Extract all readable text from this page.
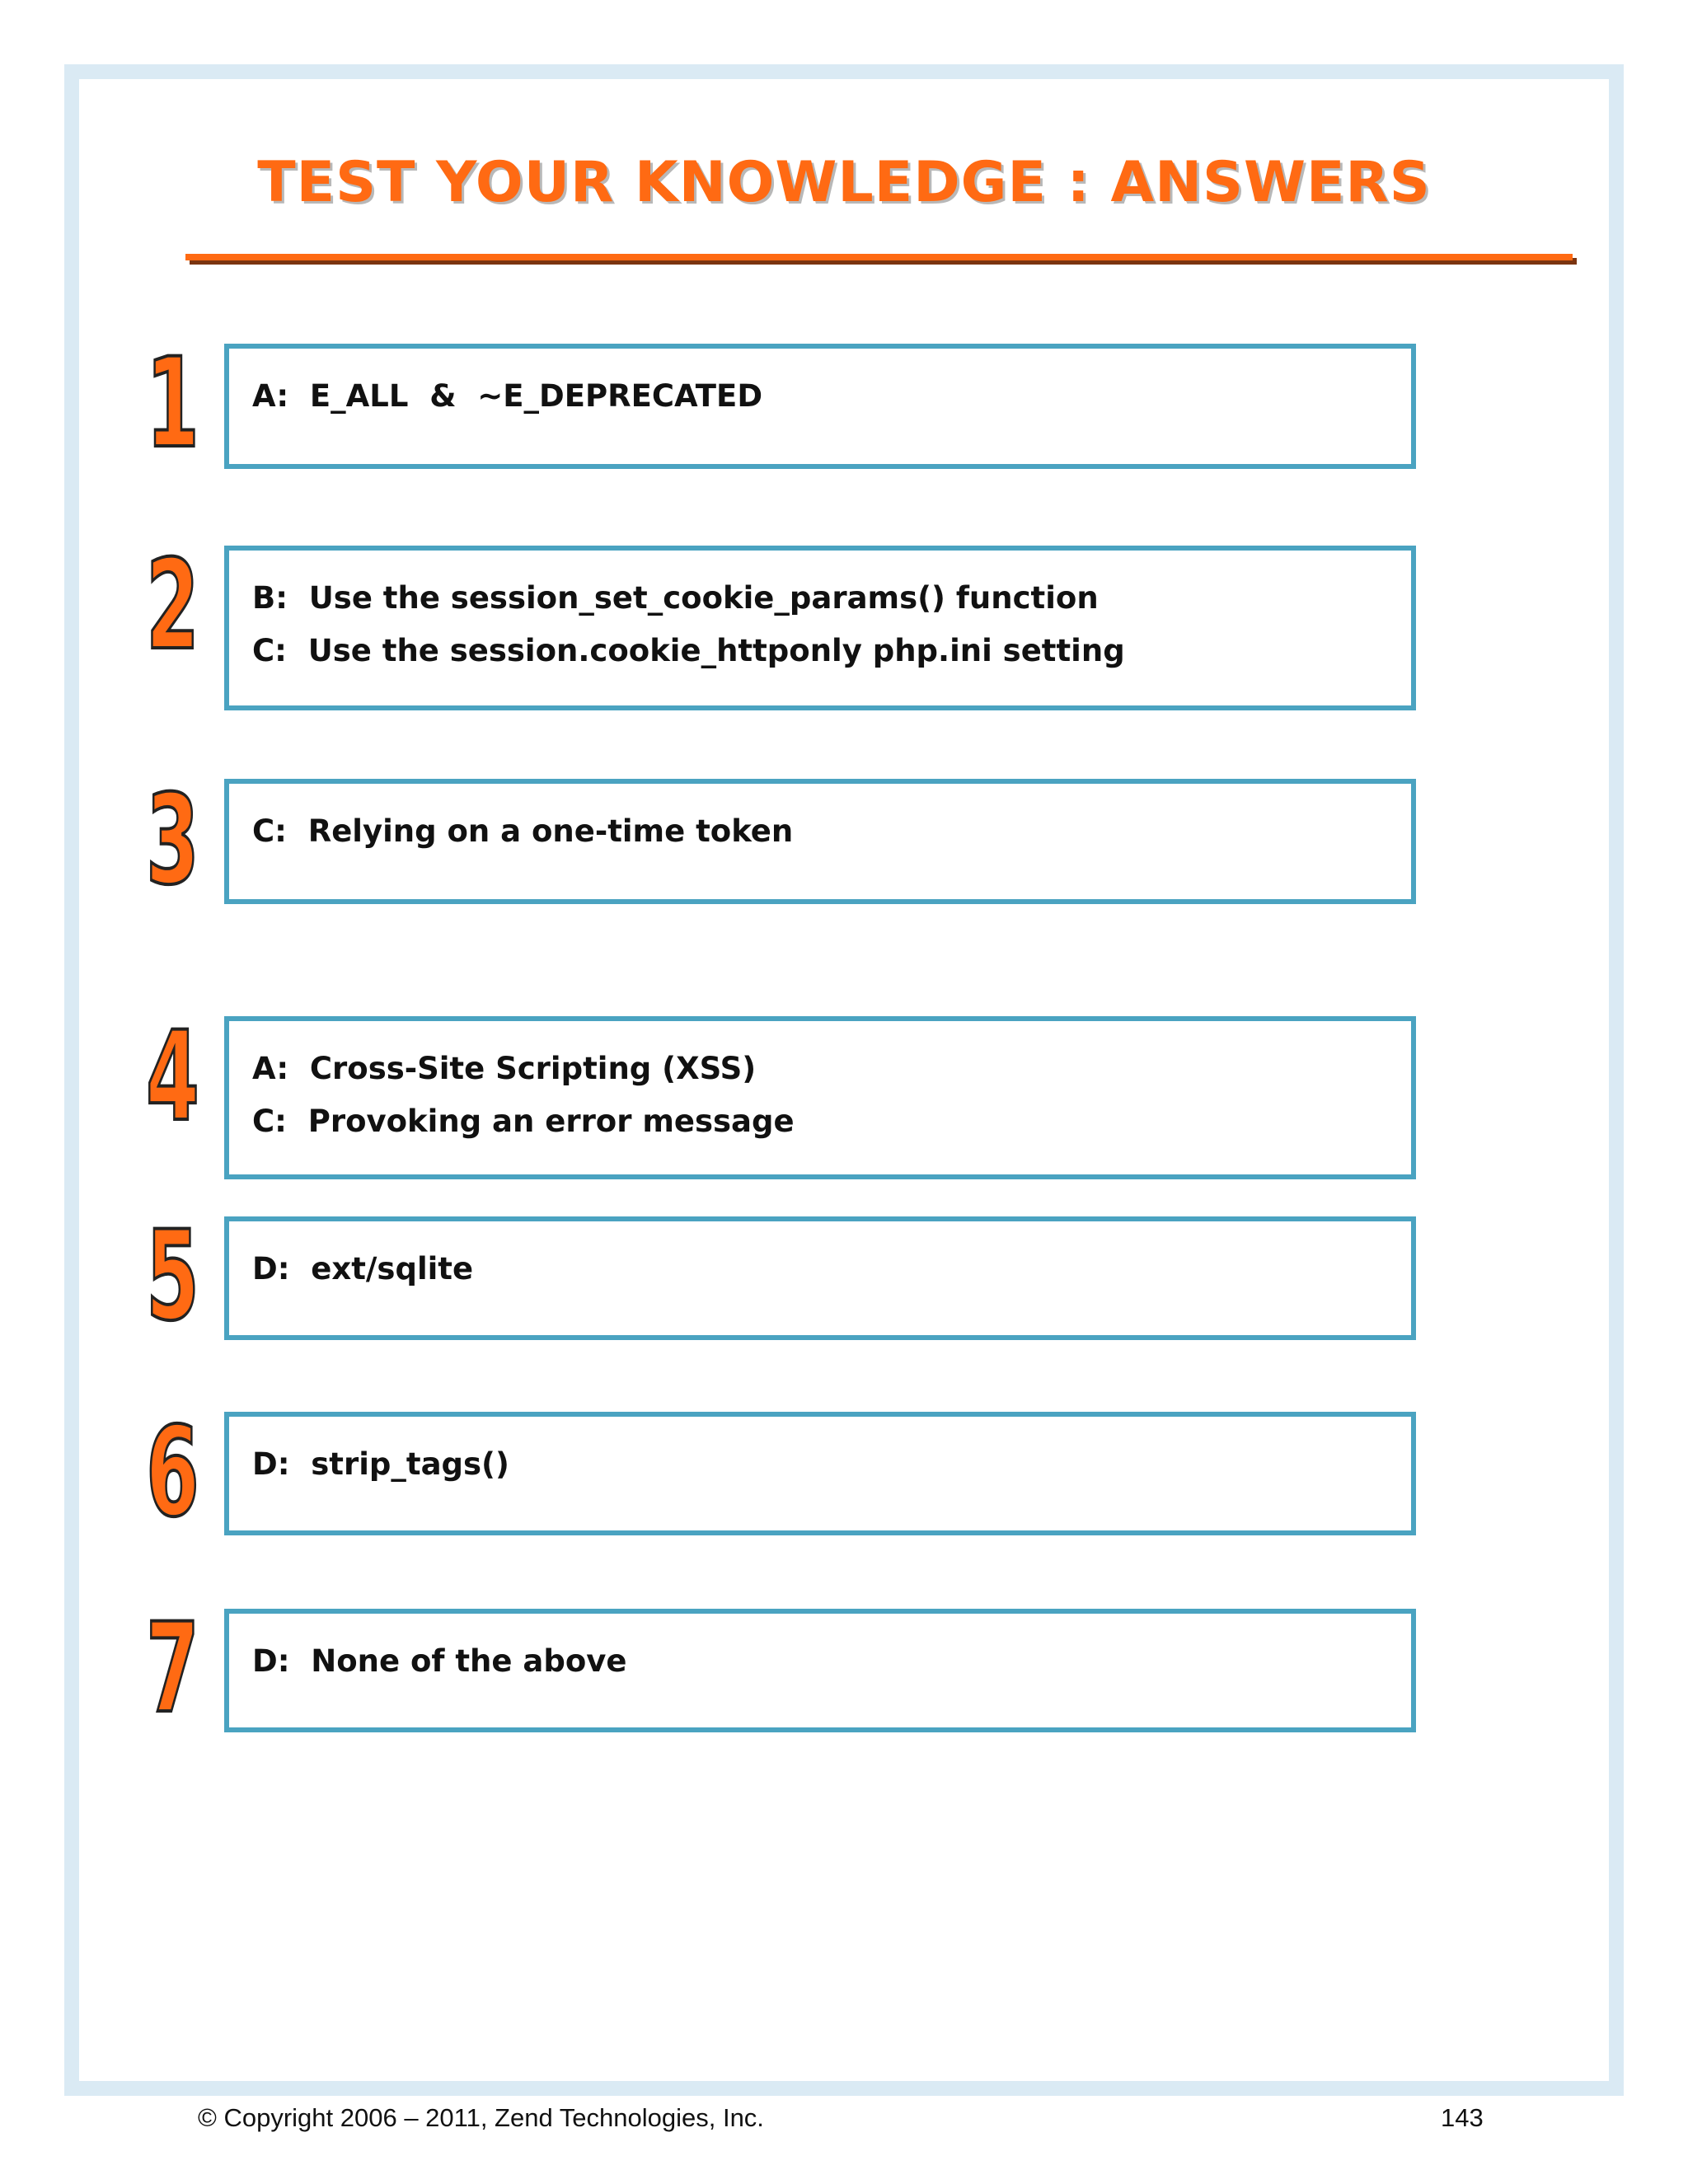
TEST YOUR KNOWLEDGE : ANSWERS
1 A:  E_ALL  &  ~E_DEPRECATED
2 B:  Use the session_set_cookie_params() function
C:  Use the session.cookie_httponly php.ini setting
3 C:  Relying on a one-time token
4 A:  Cross-Site Scripting (XSS)
C:  Provoking an error message
5 D:  ext/sqlite
6 D:  strip_tags()
7 D:  None of the above
© Copyright 2006 – 2011, Zend Technologies, Inc.	143
